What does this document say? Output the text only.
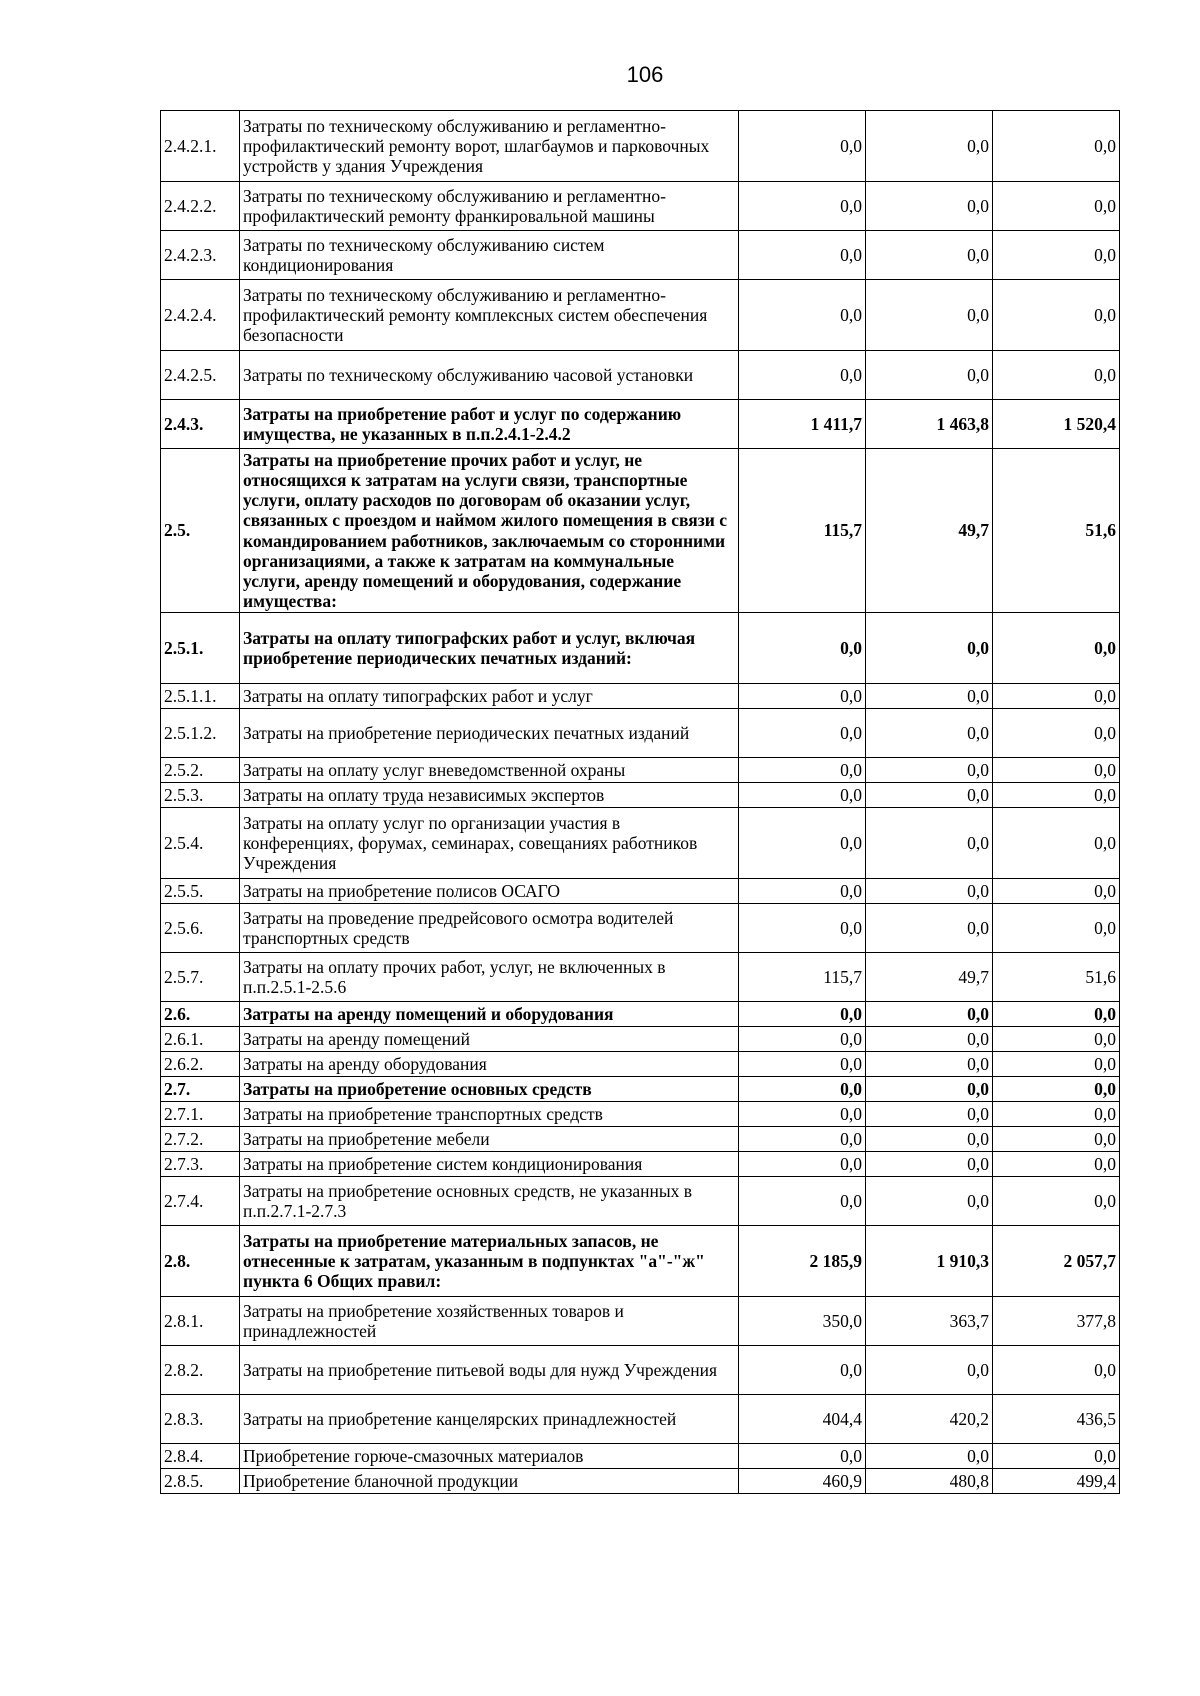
106
2.4.2.1.	Затраты по техническому обслуживанию и регламентно-профилактический ремонту ворот, шлагбаумов и парковочных устройств у здания Учреждения	0,0	0,0	0,0
2.4.2.2.	Затраты по техническому обслуживанию и регламентно-профилактический ремонту франкировальной машины	0,0	0,0	0,0
2.4.2.3.	Затраты по техническому обслуживанию систем кондиционирования	0,0	0,0	0,0
2.4.2.4.	Затраты по техническому обслуживанию и регламентно-профилактический ремонту комплексных систем обеспечения безопасности	0,0	0,0	0,0
2.4.2.5.	Затраты по техническому обслуживанию часовой установки	0,0	0,0	0,0
2.4.3.	Затраты на приобретение работ и услуг по содержанию имущества, не указанных в п.п.2.4.1-2.4.2	1 411,7	1 463,8	1 520,4
2.5.	Затраты на приобретение прочих работ и услуг, не относящихся к затратам на услуги связи, транспортные услуги, оплату расходов по договорам об оказании услуг, связанных с проездом и наймом жилого помещения в связи с командированием работников, заключаемым со сторонними организациями, а также к затратам на коммунальные услуги, аренду помещений и оборудования, содержание имущества:	115,7	49,7	51,6
2.5.1.	Затраты на оплату типографских работ и услуг, включая приобретение периодических печатных изданий:	0,0	0,0	0,0
2.5.1.1.	Затраты на оплату типографских работ и услуг	0,0	0,0	0,0
2.5.1.2.	Затраты на приобретение периодических печатных изданий	0,0	0,0	0,0
2.5.2.	Затраты на оплату услуг вневедомственной охраны	0,0	0,0	0,0
2.5.3.	Затраты на оплату труда независимых экспертов	0,0	0,0	0,0
2.5.4.	Затраты на оплату услуг по организации участия в конференциях, форумах, семинарах, совещаниях работников Учреждения	0,0	0,0	0,0
2.5.5.	Затраты на приобретение полисов ОСАГО	0,0	0,0	0,0
2.5.6.	Затраты на проведение предрейсового осмотра водителей транспортных средств	0,0	0,0	0,0
2.5.7.	Затраты на оплату прочих работ, услуг, не включенных в п.п.2.5.1-2.5.6	115,7	49,7	51,6
2.6.	Затраты на аренду помещений и оборудования	0,0	0,0	0,0
2.6.1.	Затраты на аренду помещений	0,0	0,0	0,0
2.6.2.	Затраты на аренду оборудования	0,0	0,0	0,0
2.7.	Затраты на приобретение основных средств	0,0	0,0	0,0
2.7.1.	Затраты на приобретение транспортных средств	0,0	0,0	0,0
2.7.2.	Затраты на приобретение мебели	0,0	0,0	0,0
2.7.3.	Затраты на приобретение систем кондиционирования	0,0	0,0	0,0
2.7.4.	Затраты на приобретение основных средств, не указанных в п.п.2.7.1-2.7.3	0,0	0,0	0,0
2.8.	Затраты на приобретение материальных запасов, не отнесенные к затратам, указанным в подпунктах "а"-"ж" пункта 6 Общих правил:	2 185,9	1 910,3	2 057,7
2.8.1.	Затраты на приобретение хозяйственных товаров и принадлежностей	350,0	363,7	377,8
2.8.2.	Затраты на приобретение питьевой воды для нужд Учреждения	0,0	0,0	0,0
2.8.3.	Затраты на приобретение канцелярских принадлежностей	404,4	420,2	436,5
2.8.4.	Приобретение горюче-смазочных материалов	0,0	0,0	0,0
2.8.5.	Приобретение бланочной продукции	460,9	480,8	499,4
